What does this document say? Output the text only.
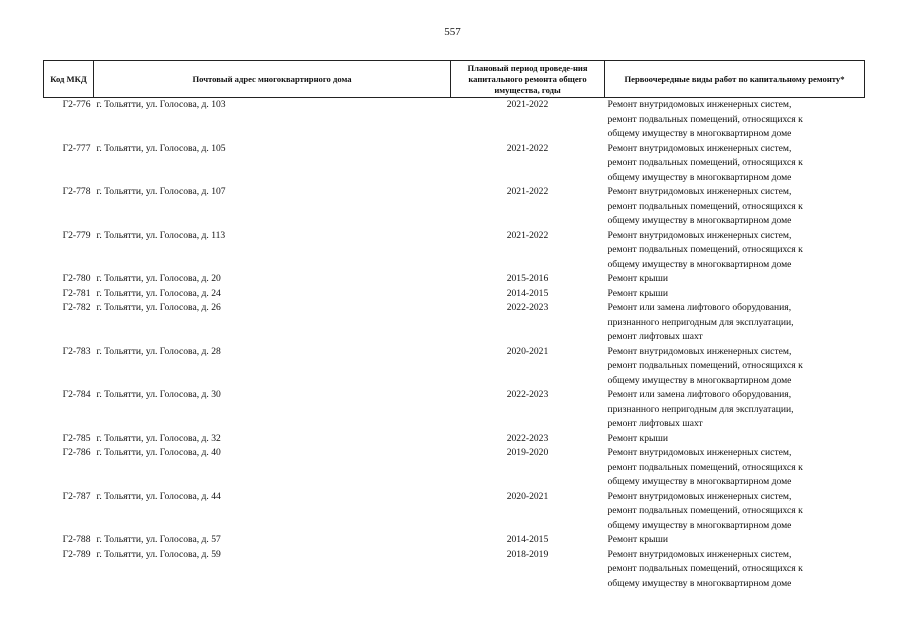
557
Код МКД	Почтовый адрес многоквартирного дома	Плановый период проведе-ния капитального ремонта общего имущества, годы	Первоочередные виды работ по капитальному ремонту*
Г2-776	г. Тольятти, ул. Голосова, д. 103	2021-2022	Ремонт внутридомовых инженерных систем,
ремонт подвальных помещений, относящихся к
общему имуществу в многоквартирном доме

Г2-777	г. Тольятти, ул. Голосова, д. 105	2021-2022	Ремонт внутридомовых инженерных систем,
ремонт подвальных помещений, относящихся к
общему имуществу в многоквартирном доме

Г2-778	г. Тольятти, ул. Голосова, д. 107	2021-2022	Ремонт внутридомовых инженерных систем,
ремонт подвальных помещений, относящихся к
общему имуществу в многоквартирном доме

Г2-779	г. Тольятти, ул. Голосова, д. 113	2021-2022	Ремонт внутридомовых инженерных систем,
ремонт подвальных помещений, относящихся к
общему имуществу в многоквартирном доме

Г2-780	г. Тольятти, ул. Голосова, д. 20	2015-2016	Ремонт крыши

Г2-781	г. Тольятти, ул. Голосова, д. 24	2014-2015	Ремонт крыши

Г2-782	г. Тольятти, ул. Голосова, д. 26	2022-2023	Ремонт или замена лифтового оборудования,
признанного непригодным для эксплуатации,
ремонт лифтовых шахт

Г2-783	г. Тольятти, ул. Голосова, д. 28	2020-2021	Ремонт внутридомовых инженерных систем,
ремонт подвальных помещений, относящихся к
общему имуществу в многоквартирном доме

Г2-784	г. Тольятти, ул. Голосова, д. 30	2022-2023	Ремонт или замена лифтового оборудования,
признанного непригодным для эксплуатации,
ремонт лифтовых шахт

Г2-785	г. Тольятти, ул. Голосова, д. 32	2022-2023	Ремонт крыши

Г2-786	г. Тольятти, ул. Голосова, д. 40	2019-2020	Ремонт внутридомовых инженерных систем,
ремонт подвальных помещений, относящихся к
общему имуществу в многоквартирном доме

Г2-787	г. Тольятти, ул. Голосова, д. 44	2020-2021	Ремонт внутридомовых инженерных систем,
ремонт подвальных помещений, относящихся к
общему имуществу в многоквартирном доме

Г2-788	г. Тольятти, ул. Голосова, д. 57	2014-2015	Ремонт крыши

Г2-789	г. Тольятти, ул. Голосова, д. 59	2018-2019	Ремонт внутридомовых инженерных систем,
ремонт подвальных помещений, относящихся к
общему имуществу в многоквартирном доме
